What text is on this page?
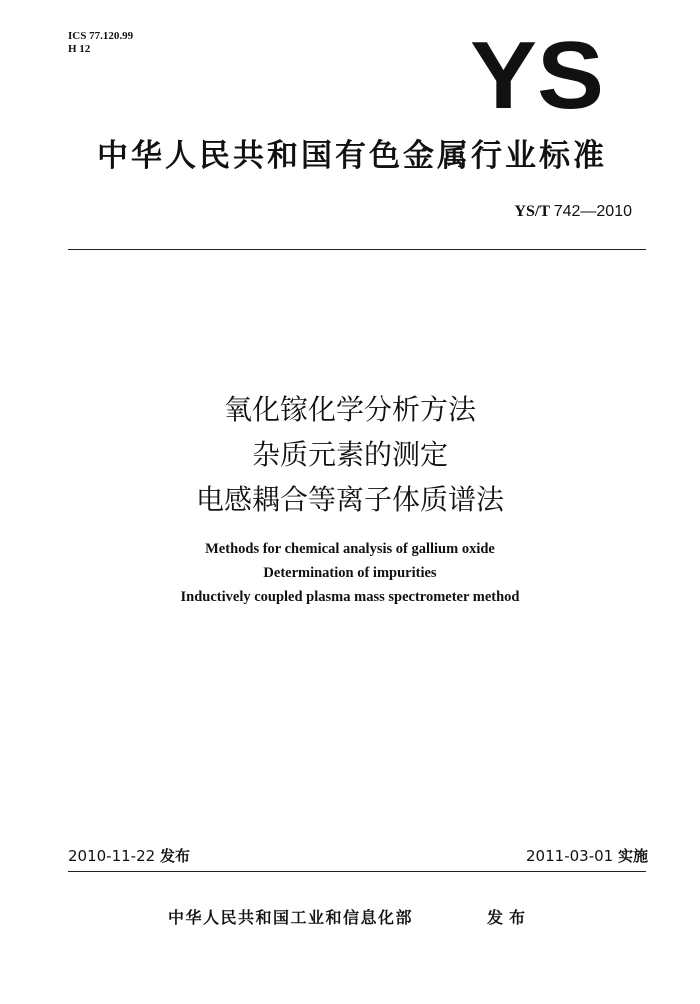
ICS 77.120.99
H 12	YS
中华人民共和国有色金属行业标准
YS/T 742—2010
氧化镓化学分析方法
杂质元素的测定
电感耦合等离子体质谱法
Methods for chemical analysis of gallium oxide
Determination of impurities
Inductively coupled plasma mass spectrometer method
2010-11-22 发布	2011-03-01 实施
中华人民共和国工业和信息化部	发布
